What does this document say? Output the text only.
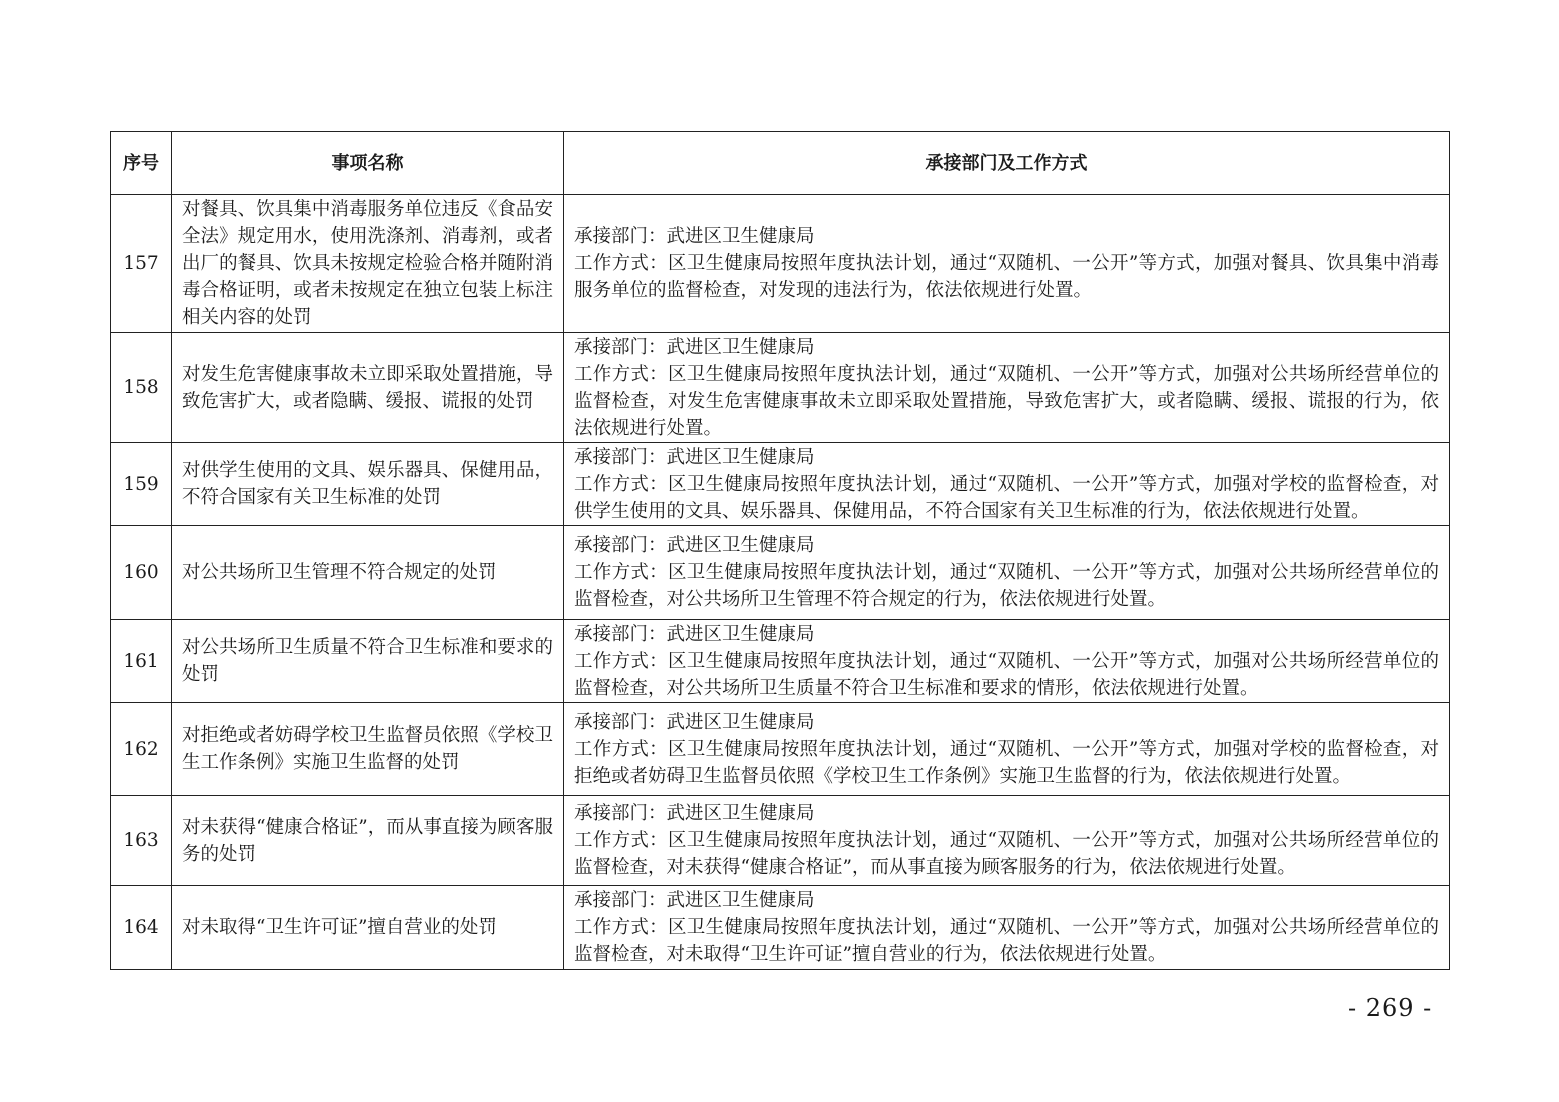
序号	事项名称	承接部门及工作方式
157	对餐具、饮具集中消毒服务单位违反《食品安全法》规定用水，使用洗涤剂、消毒剂，或者出厂的餐具、饮具未按规定检验合格并随附消毒合格证明，或者未按规定在独立包装上标注相关内容的处罚	承接部门：武进区卫生健康局
工作方式：区卫生健康局按照年度执法计划，通过“双随机、一公开”等方式，加强对餐具、饮具集中消毒服务单位的监督检查，对发现的违法行为，依法依规进行处置。

158	对发生危害健康事故未立即采取处置措施，导致危害扩大，或者隐瞒、缓报、谎报的处罚	承接部门：武进区卫生健康局
工作方式：区卫生健康局按照年度执法计划，通过“双随机、一公开”等方式，加强对公共场所经营单位的监督检查，对发生危害健康事故未立即采取处置措施，导致危害扩大，或者隐瞒、缓报、谎报的行为，依法依规进行处置。

159	对供学生使用的文具、娱乐器具、保健用品，不符合国家有关卫生标准的处罚	承接部门：武进区卫生健康局
工作方式：区卫生健康局按照年度执法计划，通过“双随机、一公开”等方式，加强对学校的监督检查，对供学生使用的文具、娱乐器具、保健用品，不符合国家有关卫生标准的行为，依法依规进行处置。

160	对公共场所卫生管理不符合规定的处罚	承接部门：武进区卫生健康局
工作方式：区卫生健康局按照年度执法计划，通过“双随机、一公开”等方式，加强对公共场所经营单位的监督检查，对公共场所卫生管理不符合规定的行为，依法依规进行处置。

161	对公共场所卫生质量不符合卫生标准和要求的处罚	承接部门：武进区卫生健康局
工作方式：区卫生健康局按照年度执法计划，通过“双随机、一公开”等方式，加强对公共场所经营单位的监督检查，对公共场所卫生质量不符合卫生标准和要求的情形，依法依规进行处置。

162	对拒绝或者妨碍学校卫生监督员依照《学校卫生工作条例》实施卫生监督的处罚	承接部门：武进区卫生健康局
工作方式：区卫生健康局按照年度执法计划，通过“双随机、一公开”等方式，加强对学校的监督检查，对拒绝或者妨碍卫生监督员依照《学校卫生工作条例》实施卫生监督的行为，依法依规进行处置。

163	对未获得“健康合格证”，而从事直接为顾客服务的处罚	承接部门：武进区卫生健康局
工作方式：区卫生健康局按照年度执法计划，通过“双随机、一公开”等方式，加强对公共场所经营单位的监督检查，对未获得“健康合格证”，而从事直接为顾客服务的行为，依法依规进行处置。

164	对未取得“卫生许可证”擅自营业的处罚	承接部门：武进区卫生健康局
工作方式：区卫生健康局按照年度执法计划，通过“双随机、一公开”等方式，加强对公共场所经营单位的监督检查，对未取得“卫生许可证”擅自营业的行为，依法依规进行处置。
- 269 -
